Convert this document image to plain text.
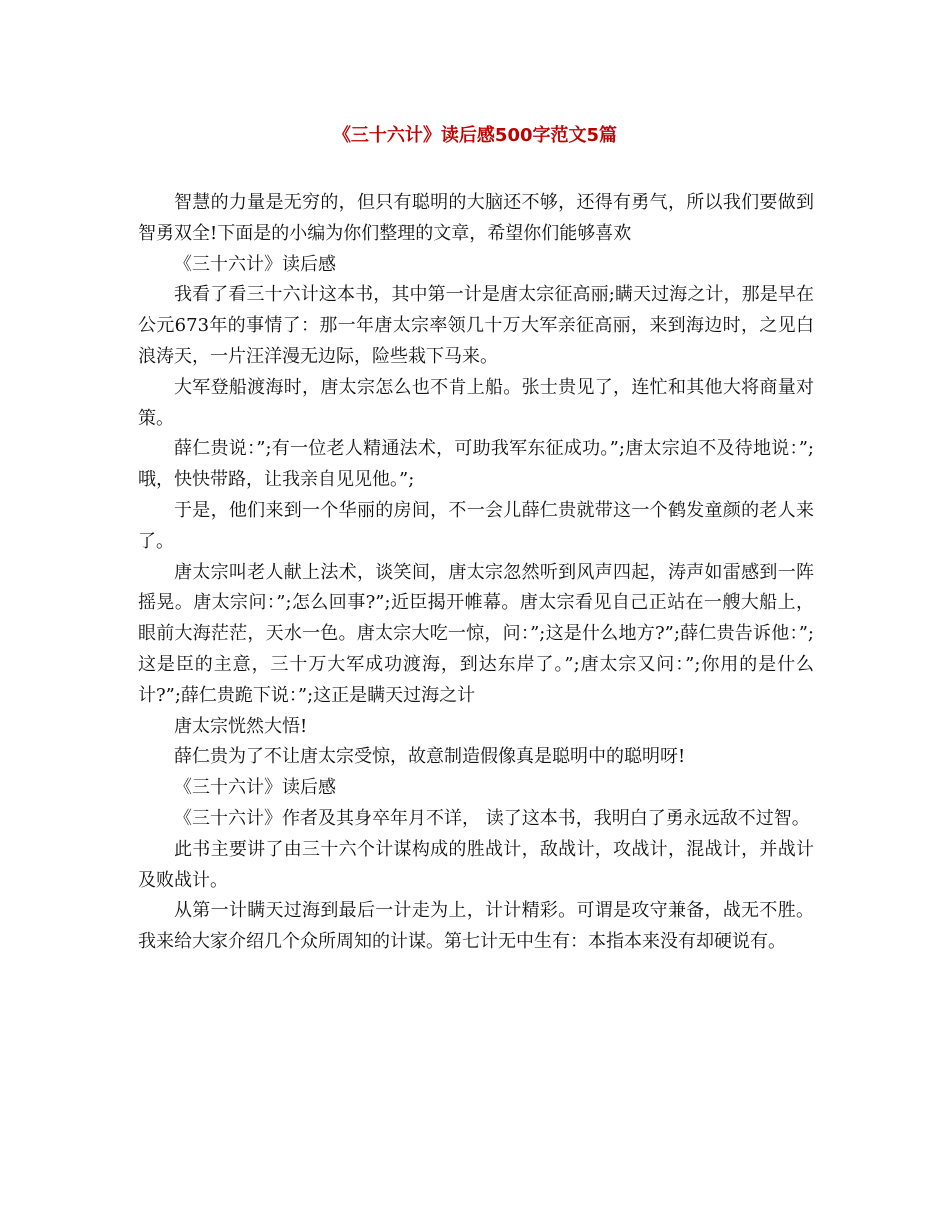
《三十六计》读后感500字范文5篇

智慧的力量是无穷的，但只有聪明的大脑还不够，还得有勇气，所以我们要做到智勇双全!下面是的小编为你们整理的文章，希望你们能够喜欢

《三十六计》读后感

我看了看三十六计这本书，其中第一计是唐太宗征高丽;瞒天过海之计，那是早在公元673年的事情了：那一年唐太宗率领几十万大军亲征高丽，来到海边时，之见白浪涛天，一片汪洋漫无边际，险些栽下马来。

大军登船渡海时，唐太宗怎么也不肯上船。张士贵见了，连忙和其他大将商量对策。

薛仁贵说：”;有一位老人精通法术，可助我军东征成功。”;唐太宗迫不及待地说：”;哦，快快带路，让我亲自见见他。”;

于是，他们来到一个华丽的房间，不一会儿薛仁贵就带这一个鹤发童颜的老人来了。

唐太宗叫老人献上法术，谈笑间，唐太宗忽然听到风声四起，涛声如雷感到一阵摇晃。唐太宗问：”;怎么回事?”;近臣揭开帷幕。唐太宗看见自己正站在一艘大船上，眼前大海茫茫，天水一色。唐太宗大吃一惊，问：”;这是什么地方?”;薛仁贵告诉他：”;这是臣的主意，三十万大军成功渡海，到达东岸了。”;唐太宗又问：”;你用的是什么计?”;薛仁贵跪下说：”;这正是瞒天过海之计

唐太宗恍然大悟!

薛仁贵为了不让唐太宗受惊，故意制造假像真是聪明中的聪明呀!

《三十六计》读后感

《三十六计》作者及其身卒年月不详， 读了这本书，我明白了勇永远敌不过智。

此书主要讲了由三十六个计谋构成的胜战计，敌战计，攻战计，混战计，并战计及败战计。

从第一计瞒天过海到最后一计走为上，计计精彩。可谓是攻守兼备，战无不胜。我来给大家介绍几个众所周知的计谋。第七计无中生有：本指本来没有却硬说有。
